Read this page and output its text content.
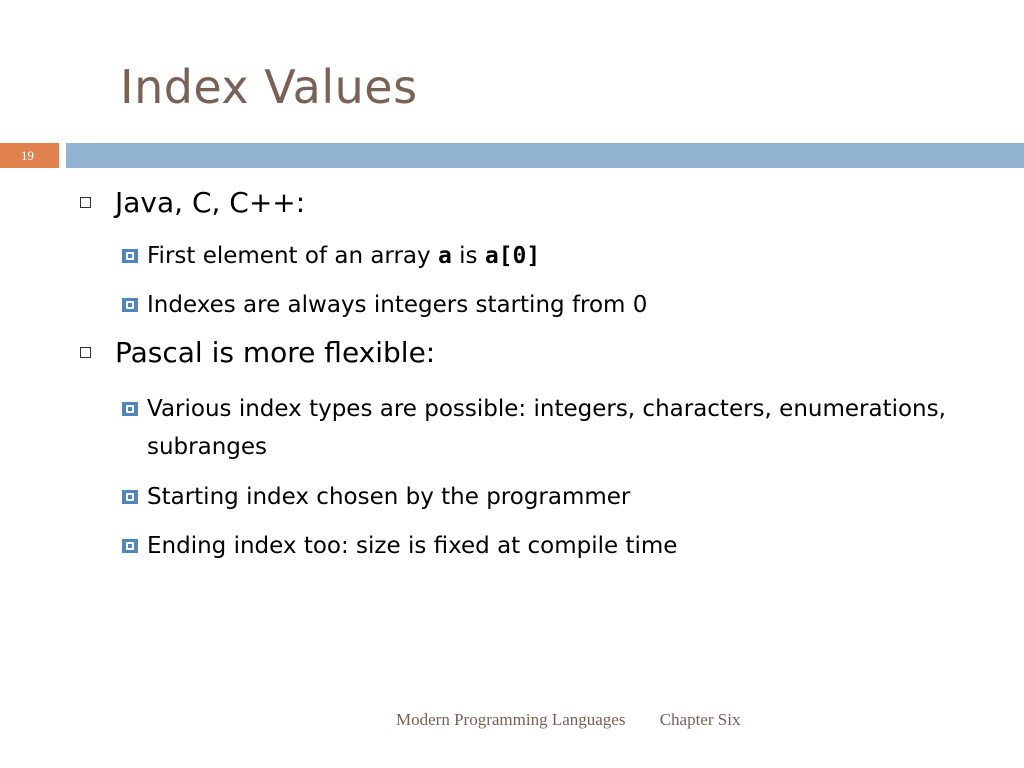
Index Values
19
Java, C, C++:
First element of an array a is a[0]
Indexes are always integers starting from 0
Pascal is more flexible:
Various index types are possible: integers, characters, enumerations, subranges
Starting index chosen by the programmer
Ending index too: size is fixed at compile time
Modern Programming Languages Chapter Six
